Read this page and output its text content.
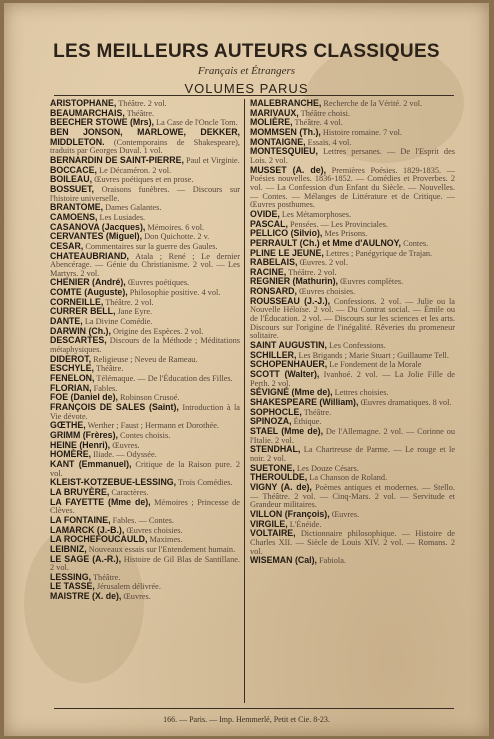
LES MEILLEURS AUTEURS CLASSIQUES
Français et Étrangers
VOLUMES PARUS

ARISTOPHANE, Théâtre. 2 vol.

BEAUMARCHAIS, Théâtre.

BEECHER STOWE (Mrs), La Case de l'Oncle Tom.

BEN JONSON, MARLOWE, DEKKER, MIDDLETON. (Contemporains de Shakespeare), traduits par Georges Duval. 1 vol.

BERNARDIN DE SAINT-PIERRE, Paul et Virginie.

BOCCACE, Le Décaméron. 2 vol.

BOILEAU, Œuvres poétiques et en prose.

BOSSUET, Oraisons funèbres. — Discours sur l'histoire universelle.

BRANTOME, Dames Galantes.

CAMOENS, Les Lusiades.

CASANOVA (Jacques), Mémoires. 6 vol.

CERVANTES (Miguel), Don Quichotte. 2 v.

CESAR, Commentaires sur la guerre des Gaules.

CHATEAUBRIAND, Atala ; René ; Le dernier Abencérage. — Génie du Christianisme. 2 vol. — Les Martyrs. 2 vol.

CHENIER (André), Œuvres poétiques.

COMTE (Auguste), Philosophie positive. 4 vol.

CORNEILLE, Théâtre. 2 vol.

CURRER BELL, Jane Eyre.

DANTE, La Divine Comédie.

DARWIN (Ch.), Origine des Espèces. 2 vol.

DESCARTES, Discours de la Méthode ; Méditations métaphysiques.

DIDEROT, Religieuse ; Neveu de Rameau.

ESCHYLE, Théâtre.

FENELON, Télémaque. — De l'Éducation des Filles.

FLORIAN, Fables.

FOE (Daniel de), Robinson Crusoé.

FRANÇOIS DE SALES (Saint), Introduction à la Vie dévote.

GŒTHE, Werther ; Faust ; Hermann et Dorothée.

GRIMM (Frères), Contes choisis.

HEINE (Henri), Œuvres.

HOMÈRE, Iliade. — Odyssée.

KANT (Emmanuel), Critique de la Raison pure. 2 vol.

KLEIST-KOTZEBUE-LESSING, Trois Comédies.

LA BRUYÈRE, Caractères.

LA FAYETTE (Mme de), Mémoires ; Princesse de Clèves.

LA FONTAINE, Fables. — Contes.

LAMARCK (J.-B.), Œuvres choisies.

LA ROCHEFOUCAULD, Maximes.

LEIBNIZ, Nouveaux essais sur l'Entendement humain.

LE SAGE (A.-R.), Histoire de Gil Blas de Santillane. 2 vol.

LESSING, Théâtre.

LE TASSE, Jérusalem délivrée.

MAISTRE (X. de), Œuvres.

MALEBRANCHE, Recherche de la Vérité. 2 vol.

MARIVAUX, Théâtre choisi.

MOLIÈRE, Théâtre. 4 vol.

MOMMSEN (Th.), Histoire romaine. 7 vol.

MONTAIGNE, Essais. 4 vol.

MONTESQUIEU, Lettres persanes. — De l'Esprit des Lois. 2 vol.

MUSSET (A. de), Premières Poésies. 1829-1835. — Poésies nouvelles. 1836-1852. — Comédies et Proverbes. 2 vol. — La Confession d'un Enfant du Siècle. — Nouvelles. — Contes. — Mélanges de Littérature et de Critique. — Œuvres posthumes.

OVIDE, Les Métamorphoses.

PASCAL, Pensées. — Les Provinciales.

PELLICO (Silvio), Mes Prisons.

PERRAULT (Ch.) et Mme d'AULNOY, Contes.

PLINE LE JEUNE, Lettres ; Panégyrique de Trajan.

RABELAIS, Œuvres. 2 vol.

RACINE, Théâtre. 2 vol.

REGNIER (Mathurin), Œuvres complètes.

RONSARD, Œuvres choisies.

ROUSSEAU (J.-J.), Confessions. 2 vol. — Julie ou la Nouvelle Héloïse. 2 vol. — Du Contrat social. — Émile ou de l'Éducation. 2 vol. — Discours sur les sciences et les arts. Discours sur l'origine de l'inégalité. Rêveries du promeneur solitaire.

SAINT AUGUSTIN, Les Confessions.

SCHILLER, Les Brigands ; Marie Stuart ; Guillaume Tell.

SCHOPENHAUER, Le Fondement de la Morale

SCOTT (Walter), Ivanhoé. 2 vol. — La Jolie Fille de Perth. 2 vol.

SÉVIGNÉ (Mme de), Lettres choisies.

SHAKESPEARE (William), Œuvres dramatiques. 8 vol.

SOPHOCLE, Théâtre.

SPINOZA, Éthique.

STAEL (Mme de), De l'Allemagne. 2 vol. — Corinne ou l'Italie. 2 vol.

STENDHAL, La Chartreuse de Parme. — Le rouge et le noir. 2 vol.

SUETONE, Les Douze Césars.

THEROULDE, La Chanson de Roland.

VIGNY (A. de), Poèmes antiques et modernes. — Stello. — Théâtre. 2 vol. — Cinq-Mars. 2 vol. — Servitude et Grandeur militaires.

VILLON (François), Œuvres.

VIRGILE, L'Énéide.

VOLTAIRE, Dictionnaire philosophique. — Histoire de Charles XII. — Siècle de Louis XIV. 2 vol. — Romans. 2 vol.

WISEMAN (Cal), Fabiola.

166. — Paris. — Imp. Hemmerlé, Petit et Cie. 8-23.
